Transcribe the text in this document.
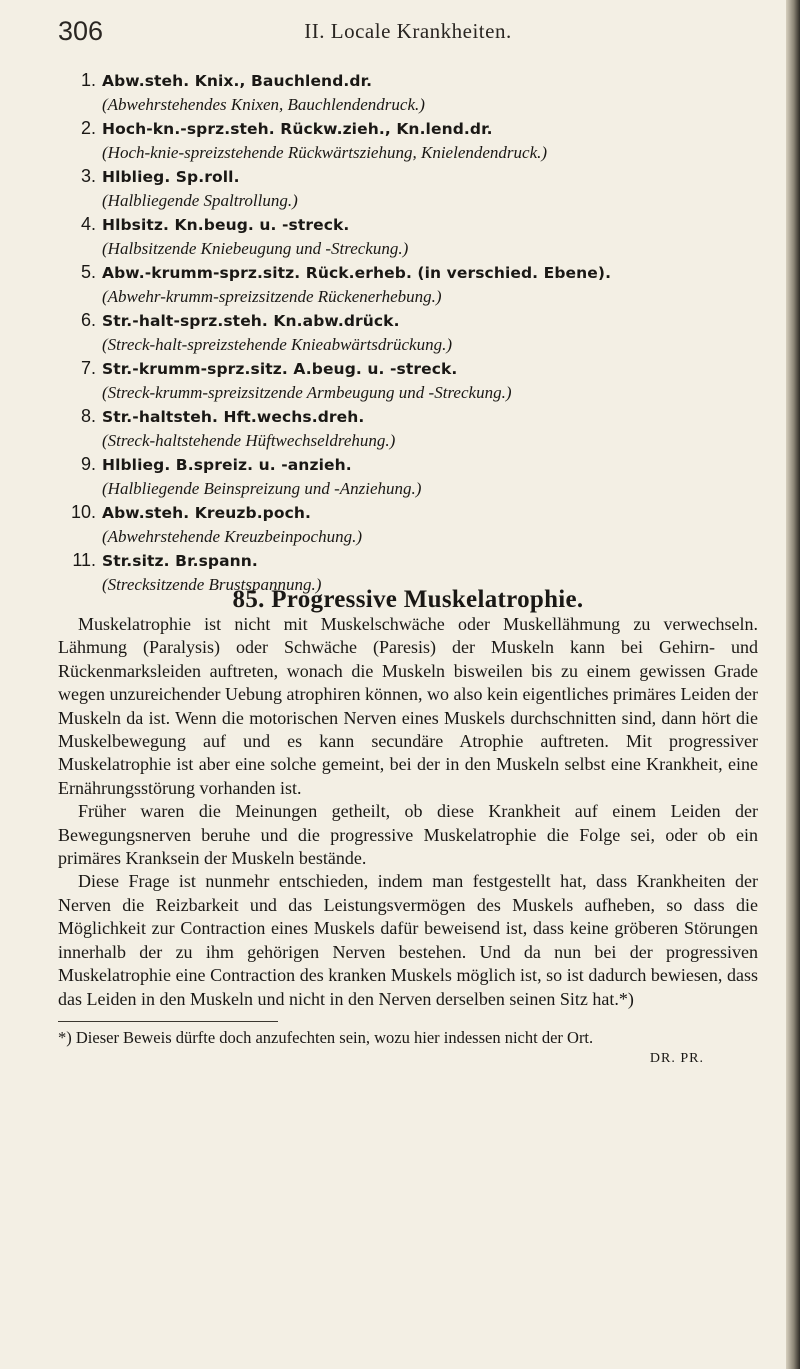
306	II. Locale Krankheiten.
1. Abw.steh. Knix., Bauchlend.dr.
(Abwehrstehendes Knixen, Bauchlendendruck.)
2. Hoch-kn.-sprz.steh. Rückw.zieh., Kn.lend.dr.
(Hoch-knie-spreizstehende Rückwärtsziehung, Knielendendruck.)
3. Hlblieg. Sp.roll.
(Halbliegende Spaltrollung.)
4. Hlbsitz. Kn.beug. u. -streck.
(Halbsitzende Kniebeugung und -Streckung.)
5. Abw.-krumm-sprz.sitz. Rück.erheb. (in verschied. Ebene).
(Abwehr-krumm-spreizsitzende Rückenerhebung.)
6. Str.-halt-sprz.steh. Kn.abw.drück.
(Streck-halt-spreizstehende Knieabwärtsdrückung.)
7. Str.-krumm-sprz.sitz. A.beug. u. -streck.
(Streck-krumm-spreizsitzende Armbeugung und -Streckung.)
8. Str.-haltsteh. Hft.wechs.dreh.
(Streck-haltstehende Hüftwechseldrehung.)
9. Hlblieg. B.spreiz. u. -anzieh.
(Halbliegende Beinspreizung und -Anziehung.)
10. Abw.steh. Kreuzb.poch.
(Abwehrstehende Kreuzbeinpochung.)
11. Str.sitz. Br.spann.
(Strecksitzende Brustspannung.)
85. Progressive Muskelatrophie.

Muskelatrophie ist nicht mit Muskelschwäche oder Muskellähmung zu verwechseln. Lähmung (Paralysis) oder Schwäche (Paresis) der Muskeln kann bei Gehirn- und Rückenmarksleiden auftreten, wonach die Muskeln bisweilen bis zu einem gewissen Grade wegen unzureichender Uebung atrophiren können, wo also kein eigentliches primäres Leiden der Muskeln da ist. Wenn die motorischen Nerven eines Muskels durchschnitten sind, dann hört die Muskelbewegung auf und es kann secundäre Atrophie auftreten. Mit progressiver Muskelatrophie ist aber eine solche gemeint, bei der in den Muskeln selbst eine Krankheit, eine Ernährungsstörung vorhanden ist.

Früher waren die Meinungen getheilt, ob diese Krankheit auf einem Leiden der Bewegungsnerven beruhe und die progressive Muskelatrophie die Folge sei, oder ob ein primäres Kranksein der Muskeln bestände.

Diese Frage ist nunmehr entschieden, indem man festgestellt hat, dass Krankheiten der Nerven die Reizbarkeit und das Leistungsvermögen des Muskels aufheben, so dass die Möglichkeit zur Contraction eines Muskels dafür beweisend ist, dass keine gröberen Störungen innerhalb der zu ihm gehörigen Nerven bestehen. Und da nun bei der progressiven Muskelatrophie eine Contraction des kranken Muskels möglich ist, so ist dadurch bewiesen, dass das Leiden in den Muskeln und nicht in den Nerven derselben seinen Sitz hat.*)

*) Dieser Beweis dürfte doch anzufechten sein, wozu hier indessen nicht der Ort.
DR. PR.
